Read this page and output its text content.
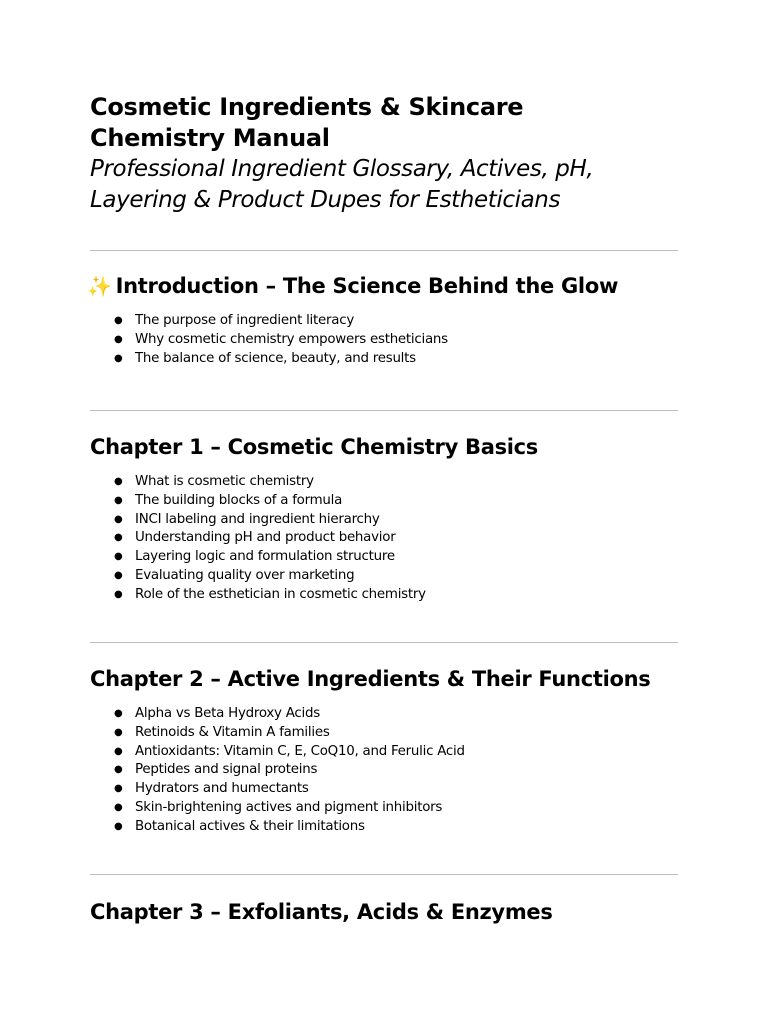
Cosmetic Ingredients & Skincare Chemistry Manual

Professional Ingredient Glossary, Actives, pH, Layering & Product Dupes for Estheticians

✨ Introduction – The Science Behind the Glow
● The purpose of ingredient literacy
● Why cosmetic chemistry empowers estheticians
● The balance of science, beauty, and results
Chapter 1 – Cosmetic Chemistry Basics
● What is cosmetic chemistry
● The building blocks of a formula
● INCI labeling and ingredient hierarchy
● Understanding pH and product behavior
● Layering logic and formulation structure
● Evaluating quality over marketing
● Role of the esthetician in cosmetic chemistry
Chapter 2 – Active Ingredients & Their Functions
● Alpha vs Beta Hydroxy Acids
● Retinoids & Vitamin A families
● Antioxidants: Vitamin C, E, CoQ10, and Ferulic Acid
● Peptides and signal proteins
● Hydrators and humectants
● Skin-brightening actives and pigment inhibitors
● Botanical actives & their limitations
Chapter 3 – Exfoliants, Acids & Enzymes
